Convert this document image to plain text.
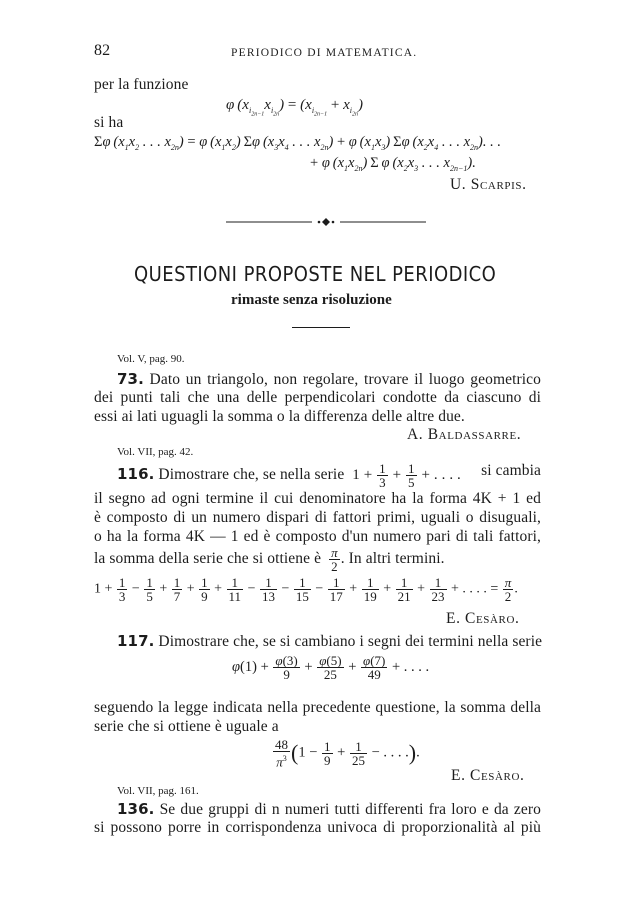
82	PERIODICO DI MATEMATICA.
per la funzione
φ $(x_{i_{2n-1}}x_{i_{2n}}) = (x_{i_{2n-1}} + x_{i_{2n}})$
si ha
Σφ ($x_1x_2$ . . . $x_{2n}) = \varphi$ $(x_1x_2)$ Σφ ($x_3x_4$ . . . $x_{2n}) + \varphi$ $(x_1x_3)$ Σφ ($x_2x_4$ . . . $x_{2n}$). . .
+ φ $(x_1x_{2n})$ Σ φ ($x_2x_3$ . . . $x_{2n-1}$).
U. Scarpis.
QUESTIONI PROPOSTE NEL PERIODICO
rimaste senza risoluzione
Vol. V, pag. 90.
73. Dato un triangolo, non regolare, trovare il luogo geometrico
dei punti tali che una delle perpendicolari condotte da ciascuno di
essi ai lati uguagli la somma o la differenza delle altre due.
A. Baldassarre.
Vol. VII, pag. 42.
116. Dimostrare che, se nella serie $1 + \frac{1}{3} + \frac{1}{5}$ + . . . . si cambia
il segno ad ogni termine il cui denominatore ha la forma 4K + 1 ed
è composto di un numero dispari di fattori primi, uguali o disuguali,
o ha la forma 4K — 1 ed è composto d'un numero pari di tali fattori,
la somma della serie che si ottiene è $\frac{\pi}{2}$ . In altri termini.
$1 + \frac{1}{3} - \frac{1}{5} + \frac{1}{7} + \frac{1}{9} + \frac{1}{11} - \frac{1}{13} - \frac{1}{15} - \frac{1}{17} + \frac{1}{19} + \frac{1}{21} + \frac{1}{23}$ + . . . . = $\frac{\pi}{2}$ .
E. Cesàro.
117. Dimostrare che, se si cambiano i segni dei termini nella serie
$\varphi(1) + \frac{\varphi(3)}{9} + \frac{\varphi(5)}{25} + \frac{\varphi(7)}{49}$ + . . . .
seguendo la legge indicata nella precedente questione, la somma della
serie che si ottiene è uguale a
$\frac{48}{\pi^3} (1 - \frac{1}{9} + \frac{1}{25}$ − . . . .).
E. Cesàro.
Vol. VII, pag. 161.
136. Se due gruppi di n numeri tutti differenti fra loro e da zero
si possono porre in corrispondenza univoca di proporzionalità al più
